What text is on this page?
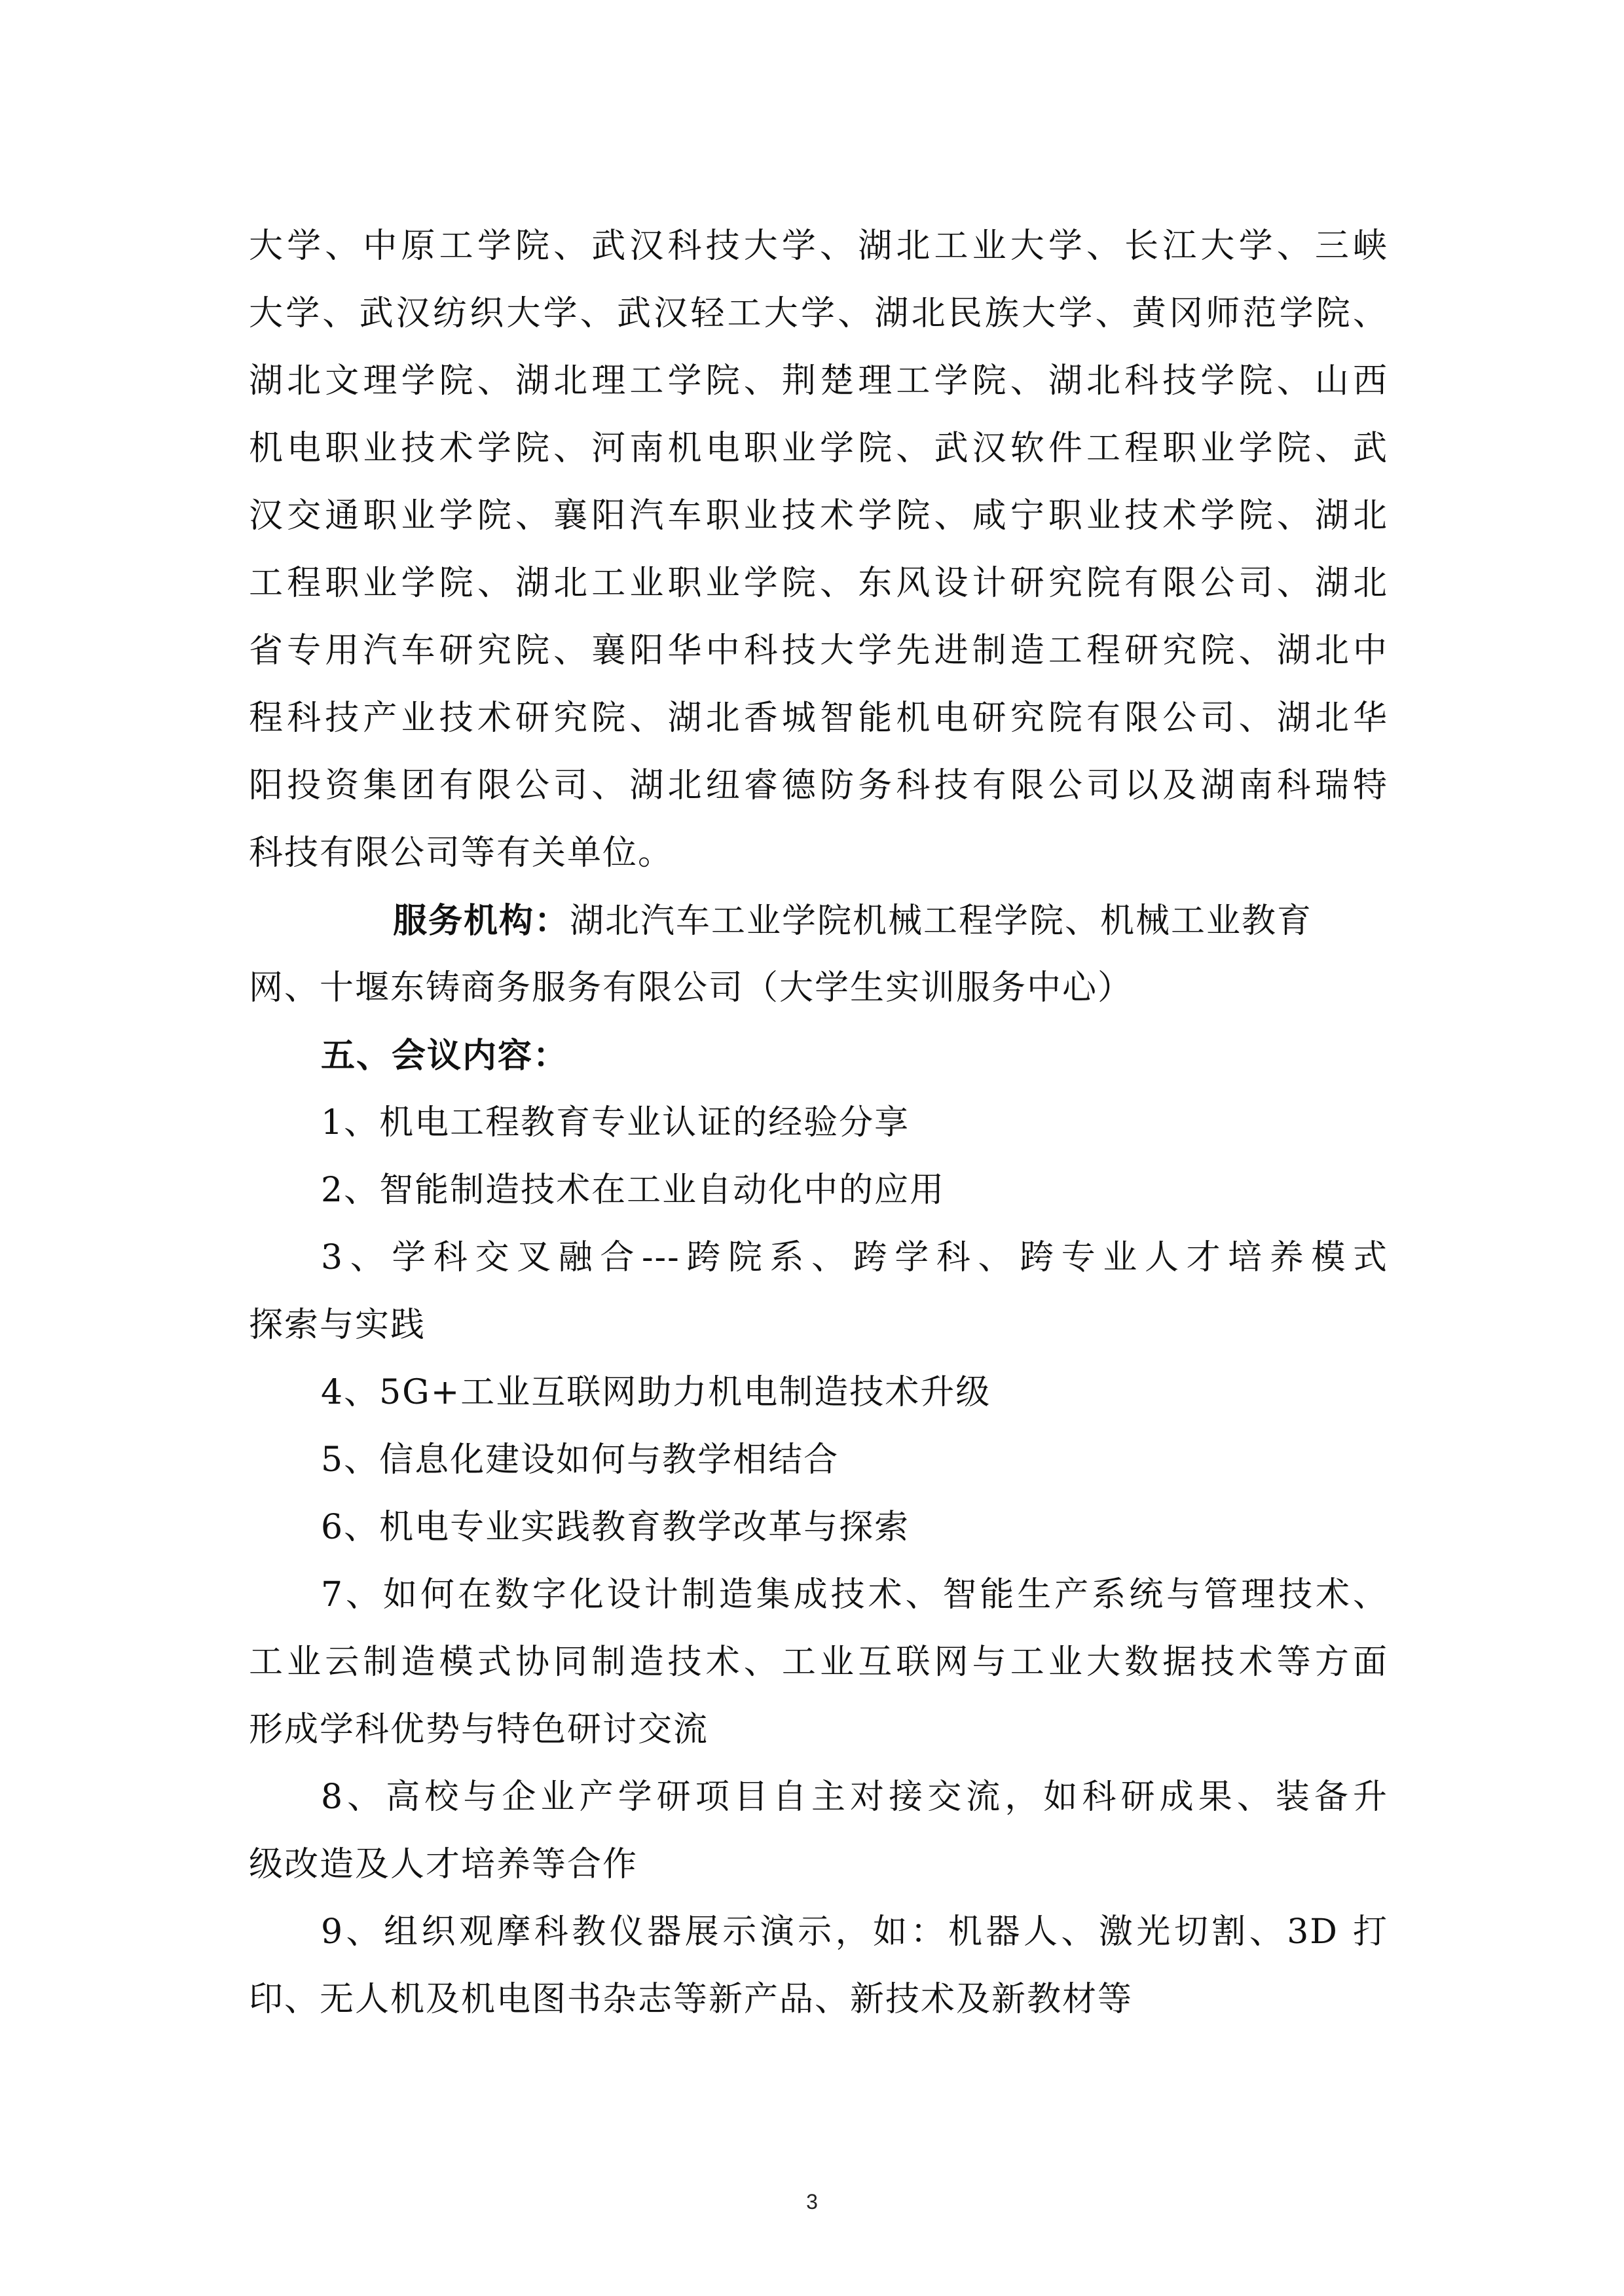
大学、中原工学院、武汉科技大学、湖北工业大学、长江大学、三峡
大学、武汉纺织大学、武汉轻工大学、湖北民族大学、黄冈师范学院、
湖北文理学院、湖北理工学院、荆楚理工学院、湖北科技学院、山西
机电职业技术学院、河南机电职业学院、武汉软件工程职业学院、武
汉交通职业学院、襄阳汽车职业技术学院、咸宁职业技术学院、湖北
工程职业学院、湖北工业职业学院、东风设计研究院有限公司、湖北
省专用汽车研究院、襄阳华中科技大学先进制造工程研究院、湖北中
程科技产业技术研究院、湖北香城智能机电研究院有限公司、湖北华
阳投资集团有限公司、湖北纽睿德防务科技有限公司以及湖南科瑞特
科技有限公司等有关单位。
服务机构：湖北汽车工业学院机械工程学院、机械工业教育
网、十堰东铸商务服务有限公司（大学生实训服务中心）
五、会议内容：
1、机电工程教育专业认证的经验分享
2、智能制造技术在工业自动化中的应用
3、学科交叉融合---跨院系、跨学科、跨专业人才培养模式
探索与实践
4、5G+工业互联网助力机电制造技术升级
5、信息化建设如何与教学相结合
6、机电专业实践教育教学改革与探索
7、如何在数字化设计制造集成技术、智能生产系统与管理技术、
工业云制造模式协同制造技术、工业互联网与工业大数据技术等方面
形成学科优势与特色研讨交流
8、高校与企业产学研项目自主对接交流，如科研成果、装备升
级改造及人才培养等合作
9、组织观摩科教仪器展示演示，如：机器人、激光切割、3D 打
印、无人机及机电图书杂志等新产品、新技术及新教材等
3
